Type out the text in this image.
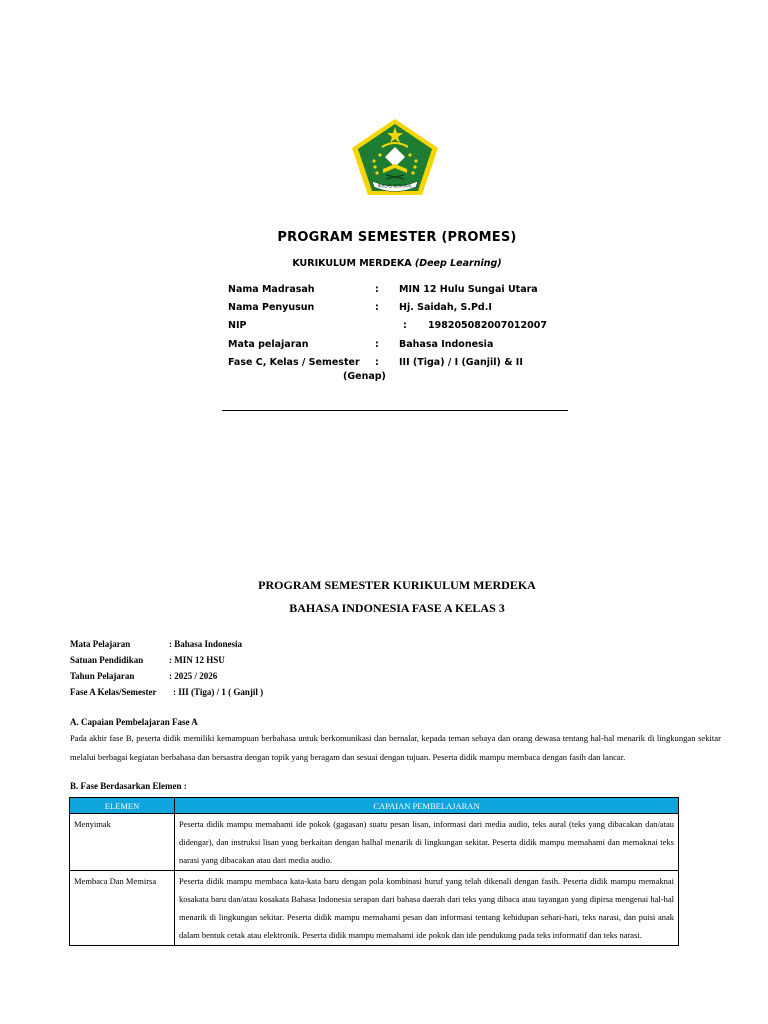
IKHLAS BERAMAL
PROGRAM SEMESTER (PROMES)
KURIKULUM MERDEKA (Deep Learning)
Nama Madrasah	: MIN 12 Hulu Sungai Utara
Nama Penyusun	: Hj. Saidah, S.Pd.I
NIP	: 198205082007012007
Mata pelajaran	: Bahasa Indonesia
Fase C, Kelas / Semester : III (Tiga) / I (Ganjil) & II
(Genap)
PROGRAM SEMESTER KURIKULUM MERDEKA
BAHASA INDONESIA FASE A KELAS 3
Mata Pelajaran	: Bahasa Indonesia
Satuan Pendidikan	: MIN 12 HSU
Tahun Pelajaran	: 2025 / 2026
Fase A Kelas/Semester : III (Tiga) / 1 ( Ganjil )
A. Capaian Pembelajaran Fase A
Pada akhir fase B, peserta didik memiliki kemampuan berbahasa untuk berkomunikasi dan bernalar, kepada teman sebaya dan orang dewasa tentang hal-hal menarik di lingkungan sekitar melalui berbagai kegiatan berbahasa dan bersastra dengan topik yang beragam dan sesuai dengan tujuan. Peserta didik mampu membaca dengan fasih dan lancar.
B. Fase Berdasarkan Elemen :
ELEMEN	CAPAIAN PEMBELAJARAN
Menyimak	Peserta didik mampu memahami ide pokok (gagasan) suatu pesan lisan, informasi dari media audio, teks aural (teks yang dibacakan dan/atau didengar), dan instruksi lisan yang berkaitan dengan halhal menarik di lingkungan sekitar. Peserta didik mampu memahami dan memaknai teks narasi yang dibacakan atau dari media audio.
Membaca Dan Memirsa	Peserta didik mampu membaca kata-kata baru dengan pola kombinasi huruf yang telah dikenali dengan fasih. Peserta didik mampu memaknai kosakata baru dan/atau kosakata Bahasa Indonesia serapan dari bahasa daerah dari teks yang dibaca atau tayangan yang dipirsa mengenai hal-hal menarik di lingkungan sekitar. Peserta didik mampu memahami pesan dan informasi tentang kehidupan sehari-hari, teks narasi, dan puisi anak dalam bentuk cetak atau elektronik. Peserta didik mampu memahami ide pokok dan ide pendukung pada teks informatif dan teks narasi.
